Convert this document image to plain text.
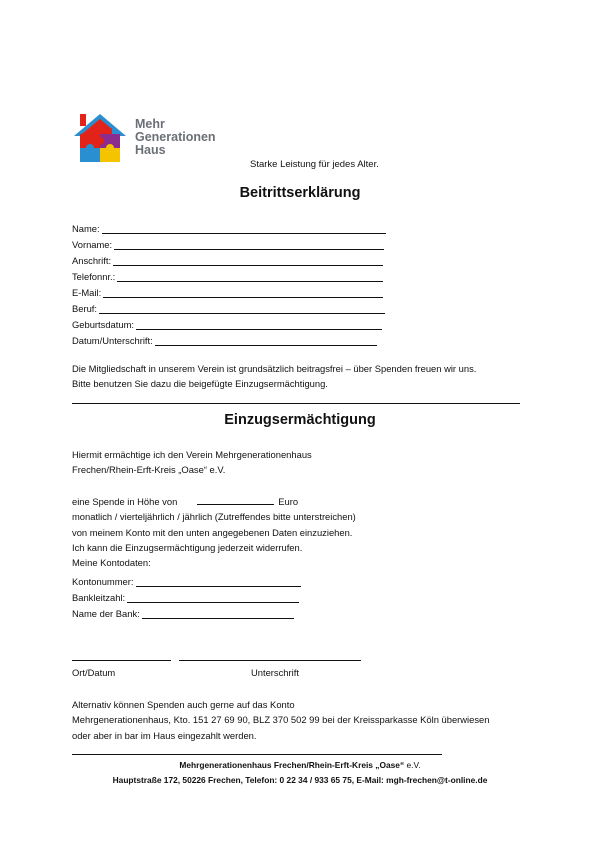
Mehr
Generationen
Haus
Starke Leistung für jedes Alter.
Beitrittserklärung
Name:
Vorname:
Anschrift:
Telefonnr.:
E-Mail:
Beruf:
Geburtsdatum:
Datum/Unterschrift:
Die Mitgliedschaft in unserem Verein ist grundsätzlich beitragsfrei – über Spenden freuen wir uns.
Bitte benutzen Sie dazu die beigefügte Einzugsermächtigung.
Einzugsermächtigung
Hiermit ermächtige ich den Verein Mehrgenerationenhaus
Frechen/Rhein-Erft-Kreis „Oase“ e.V.
eine Spende in Höhe von	Euro
monatlich / vierteljährlich / jährlich (Zutreffendes bitte unterstreichen)
von meinem Konto mit den unten angegebenen Daten einzuziehen.
Ich kann die Einzugsermächtigung jederzeit widerrufen.
Meine Kontodaten:
Kontonummer:
Bankleitzahl:
Name der Bank:
Ort/Datum	Unterschrift
Alternativ können Spenden auch gerne auf das Konto
Mehrgenerationenhaus, Kto. 151 27 69 90, BLZ 370 502 99 bei der Kreissparkasse Köln überwiesen
oder aber in bar im Haus eingezahlt werden.
Mehrgenerationenhaus Frechen/Rhein-Erft-Kreis „Oase“ e.V.
Hauptstraße 172, 50226 Frechen, Telefon: 0 22 34 / 933 65 75, E-Mail: mgh-frechen@t-online.de
